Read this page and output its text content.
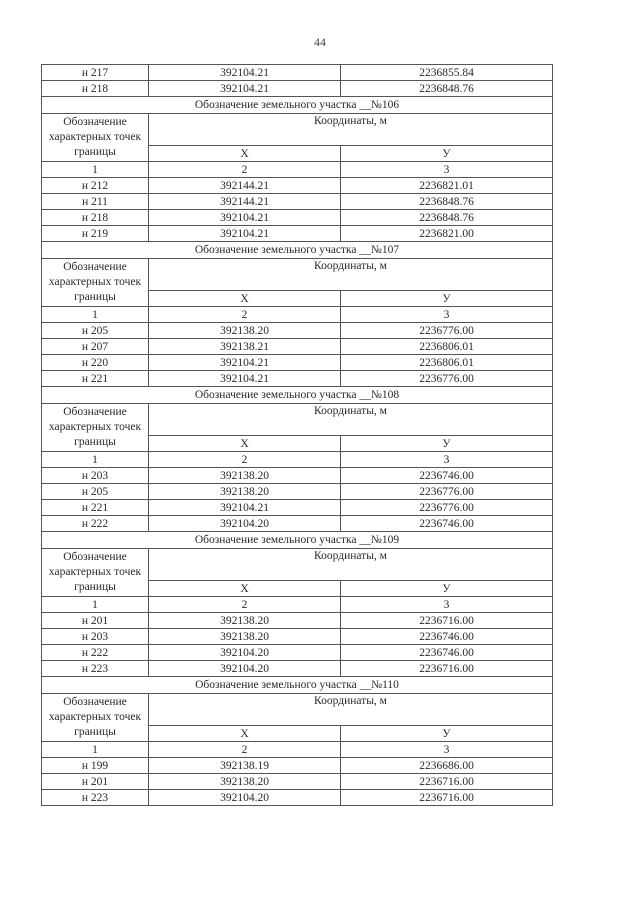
44
н 217	392104.21	2236855.84
н 218	392104.21	2236848.76
Обозначение земельного участка __№106		
Обозначение характерных точек границы	Координаты, м	
	X	У
1	2	3
н 212	392144.21	2236821.01
н 211	392144.21	2236848.76
н 218	392104.21	2236848.76
н 219	392104.21	2236821.00
Обозначение земельного участка __№107		
Обозначение характерных точек границы	Координаты, м	
	X	У
1	2	3
н 205	392138.20	2236776.00
н 207	392138.21	2236806.01
н 220	392104.21	2236806.01
н 221	392104.21	2236776.00
Обозначение земельного участка __№108		
Обозначение характерных точек границы	Координаты, м	
	X	У
1	2	3
н 203	392138.20	2236746.00
н 205	392138.20	2236776.00
н 221	392104.21	2236776.00
н 222	392104.20	2236746.00
Обозначение земельного участка __№109		
Обозначение характерных точек границы	Координаты, м	
	X	У
1	2	3
н 201	392138.20	2236716.00
н 203	392138.20	2236746.00
н 222	392104.20	2236746.00
н 223	392104.20	2236716.00
Обозначение земельного участка __№110		
Обозначение характерных точек границы	Координаты, м	
	X	У
1	2	3
н 199	392138.19	2236686.00
н 201	392138.20	2236716.00
н 223	392104.20	2236716.00
